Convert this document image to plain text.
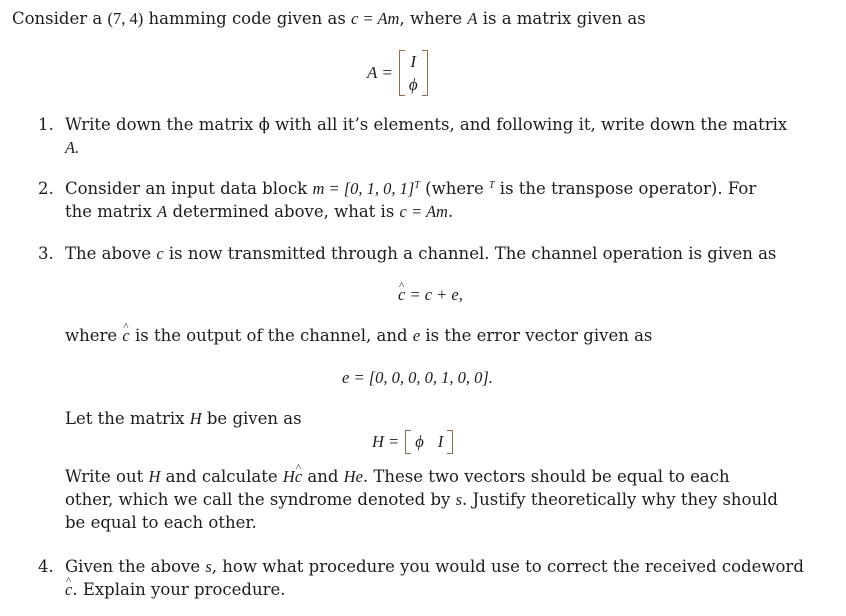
Consider a (7, 4) hamming code given as c = Am, where A is a matrix given as
A =
I
ϕ
1. Write down the matrix ϕ with all it’s elements, and following it, write down the matrix
A.
2. Consider an input data block m = [0, 1, 0, 1]$^T$ (where $^T$ is the transpose operator). For
the matrix A determined above, what is c = Am.
3. The above c is now transmitted through a channel. The channel operation is given as
^ c = c + e,
where ^ c is the output of the channel, and e is the error vector given as
e = [0, 0, 0, 0, 1, 0, 0].
Let the matrix H be given as
H = ϕ I
Write out H and calculate H^ c and He. These two vectors should be equal to each
other, which we call the syndrome denoted by s. Justify theoretically why they should
be equal to each other.
4. Given the above s, how what procedure you would use to correct the received codeword
^ c. Explain your procedure.
